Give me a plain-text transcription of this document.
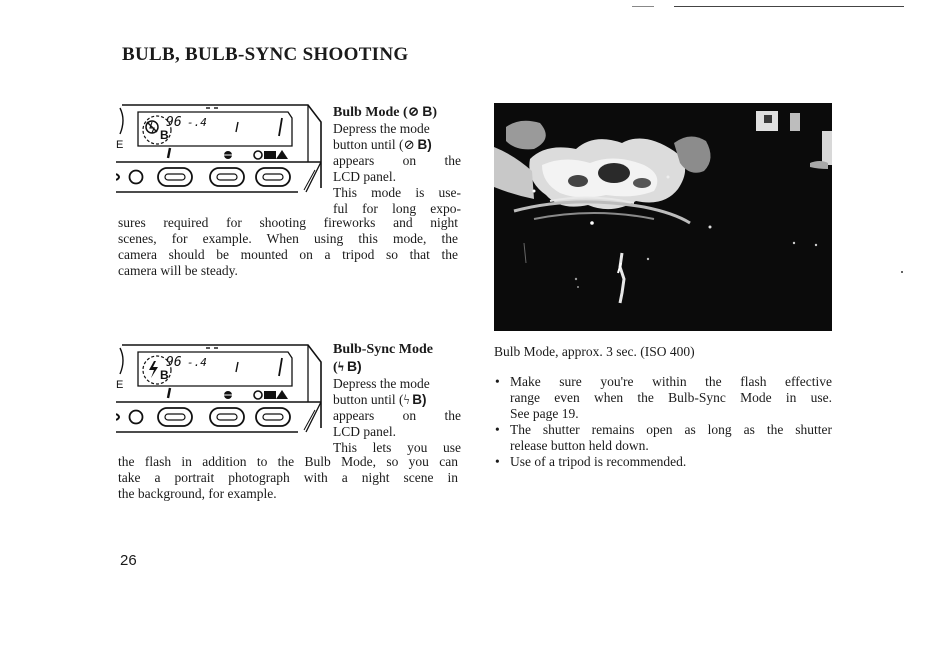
BULB, BULB-SYNC SHOOTING
B
96 -.4
E
Bulb Mode (⊘  B)
Depress the mode
button until (⊘  B)
appears on the
LCD panel.
This mode is use-
ful for long expo-
sures required for shooting fireworks and night
scenes, for example. When using this mode, the
camera should be mounted on a tripod so that the
camera will be steady.
B
96 -.4
E
Bulb-Sync Mode
(ϟ  B)
Depress the mode
button until (ϟ  B)
appears on the
LCD panel.
This lets you use
the flash in addition to the Bulb Mode, so you can
take a portrait photograph with a night scene in
the background, for example.
Bulb Mode, approx. 3 sec. (ISO 400)
• Make sure you're within the flash effective
range even when the Bulb-Sync Mode in use.
See page 19.
• The shutter remains open as long as the shutter
release button held down.
• Use of a tripod is recommended.
26
